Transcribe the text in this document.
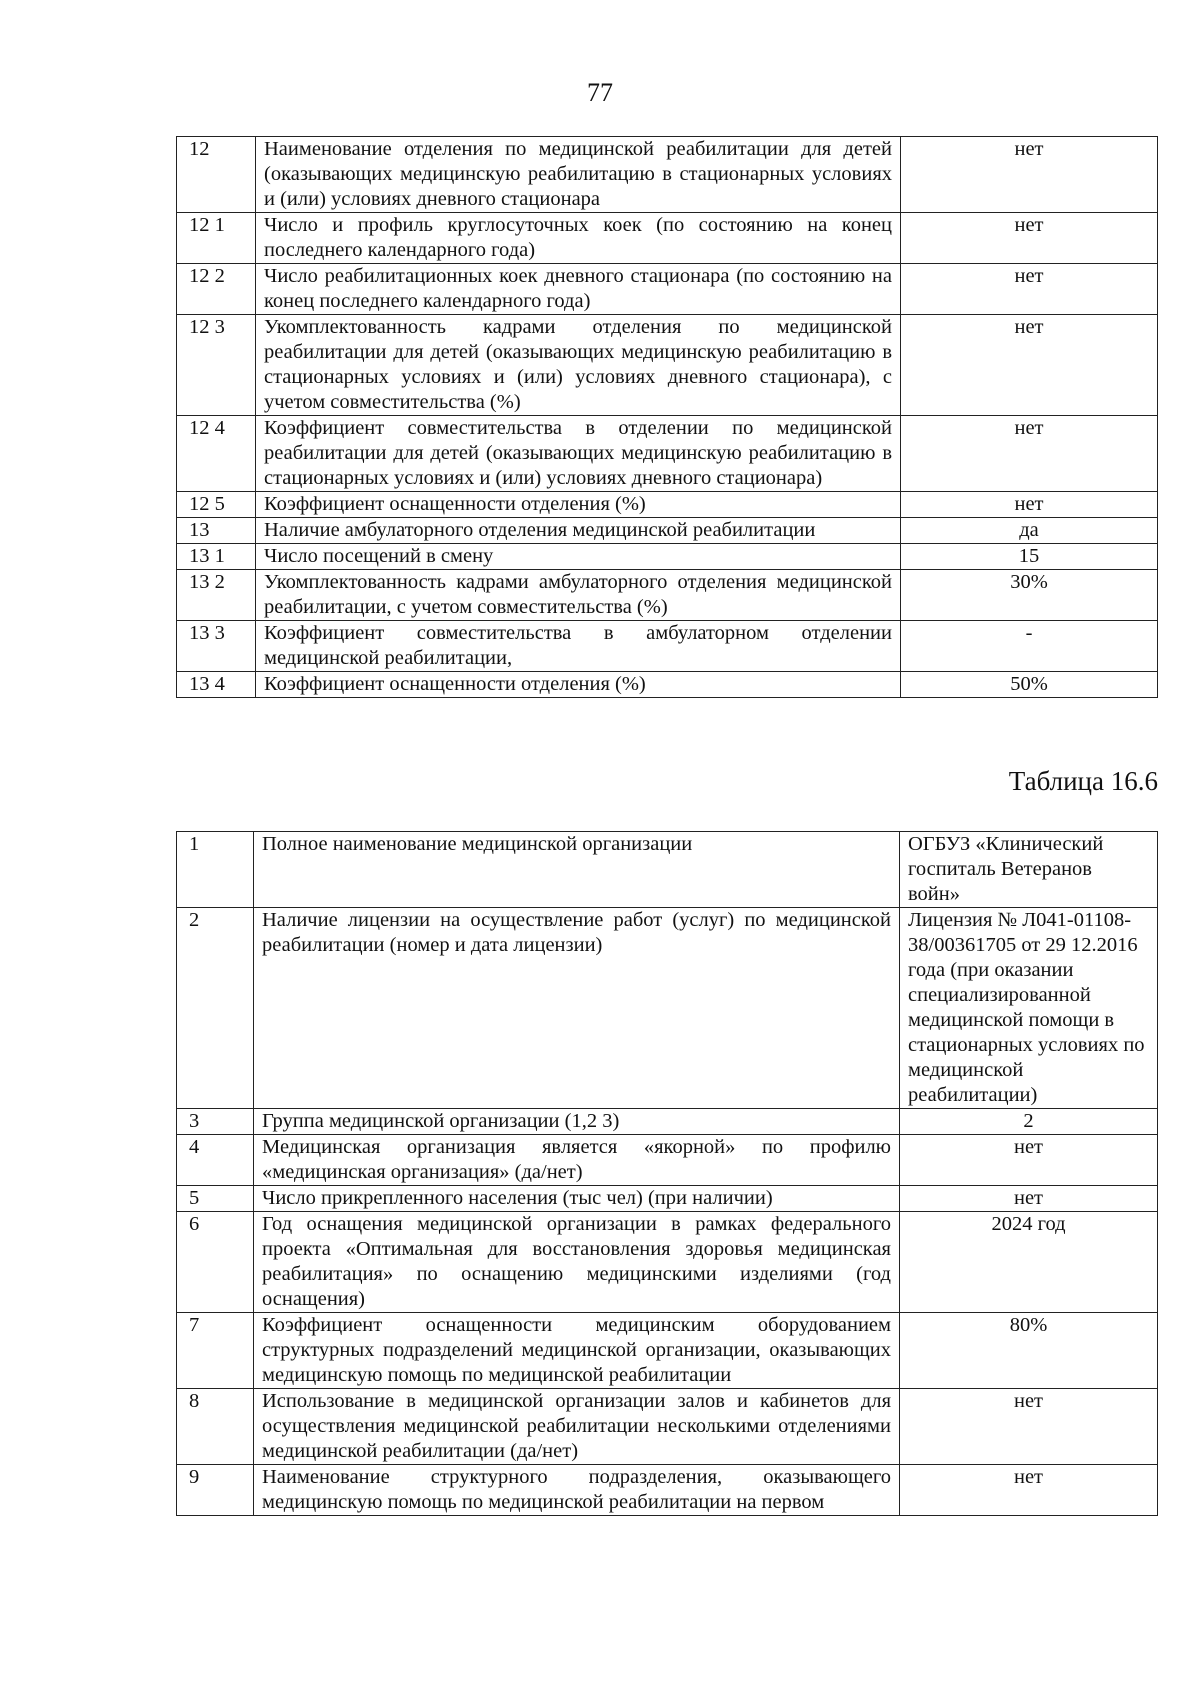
77
12	Наименование отделения по медицинской реабилитации для детей (оказывающих медицинскую реабилитацию в стационарных условиях и (или) условиях дневного стационара	нет
12 1	Число и профиль круглосуточных коек (по состоянию на конец последнего календарного года)	нет
12 2	Число реабилитационных коек дневного стационара (по состоянию на конец последнего календарного года)	нет
12 3	Укомплектованность кадрами отделения по медицинской реабилитации для детей (оказывающих медицинскую реабилитацию в стационарных условиях и (или) условиях дневного стационара), с учетом совместительства (%)	нет
12 4	Коэффициент совместительства в отделении по медицинской реабилитации для детей (оказывающих медицинскую реабилитацию в стационарных условиях и (или) условиях дневного стационара)	нет
12 5	Коэффициент оснащенности отделения (%)	нет
13	Наличие амбулаторного отделения медицинской реабилитации	да
13 1	Число посещений в смену	15
13 2	Укомплектованность кадрами амбулаторного отделения медицинской реабилитации, с учетом совместительства (%)	30%
13 3	Коэффициент совместительства в амбулаторном отделении медицинской реабилитации,	-
13 4	Коэффициент оснащенности отделения (%)	50%
Таблица 16.6
1	Полное наименование медицинской организации	ОГБУЗ «Клинический госпиталь Ветеранов войн»
2	Наличие лицензии на осуществление работ (услуг) по медицинской реабилитации (номер и дата лицензии)	Лицензия № Л041-01108-38/00361705 от 29 12.2016 года (при оказании специализированной медицинской помощи в стационарных условиях по медицинской реабилитации)
3	Группа медицинской организации (1,2 3)	2
4	Медицинская организация является «якорной» по профилю «медицинская организация» (да/нет)	нет
5	Число прикрепленного населения (тыс чел) (при наличии)	нет
6	Год оснащения медицинской организации в рамках федерального проекта «Оптимальная для восстановления здоровья медицинская реабилитация» по оснащению медицинскими изделиями (год оснащения)	2024 год
7	Коэффициент оснащенности медицинским оборудованием структурных подразделений медицинской организации, оказывающих медицинскую помощь по медицинской реабилитации	80%
8	Использование в медицинской организации залов и кабинетов для осуществления медицинской реабилитации несколькими отделениями медицинской реабилитации (да/нет)	нет
9	Наименование структурного подразделения, оказывающего медицинскую помощь по медицинской реабилитации на первом	нет
